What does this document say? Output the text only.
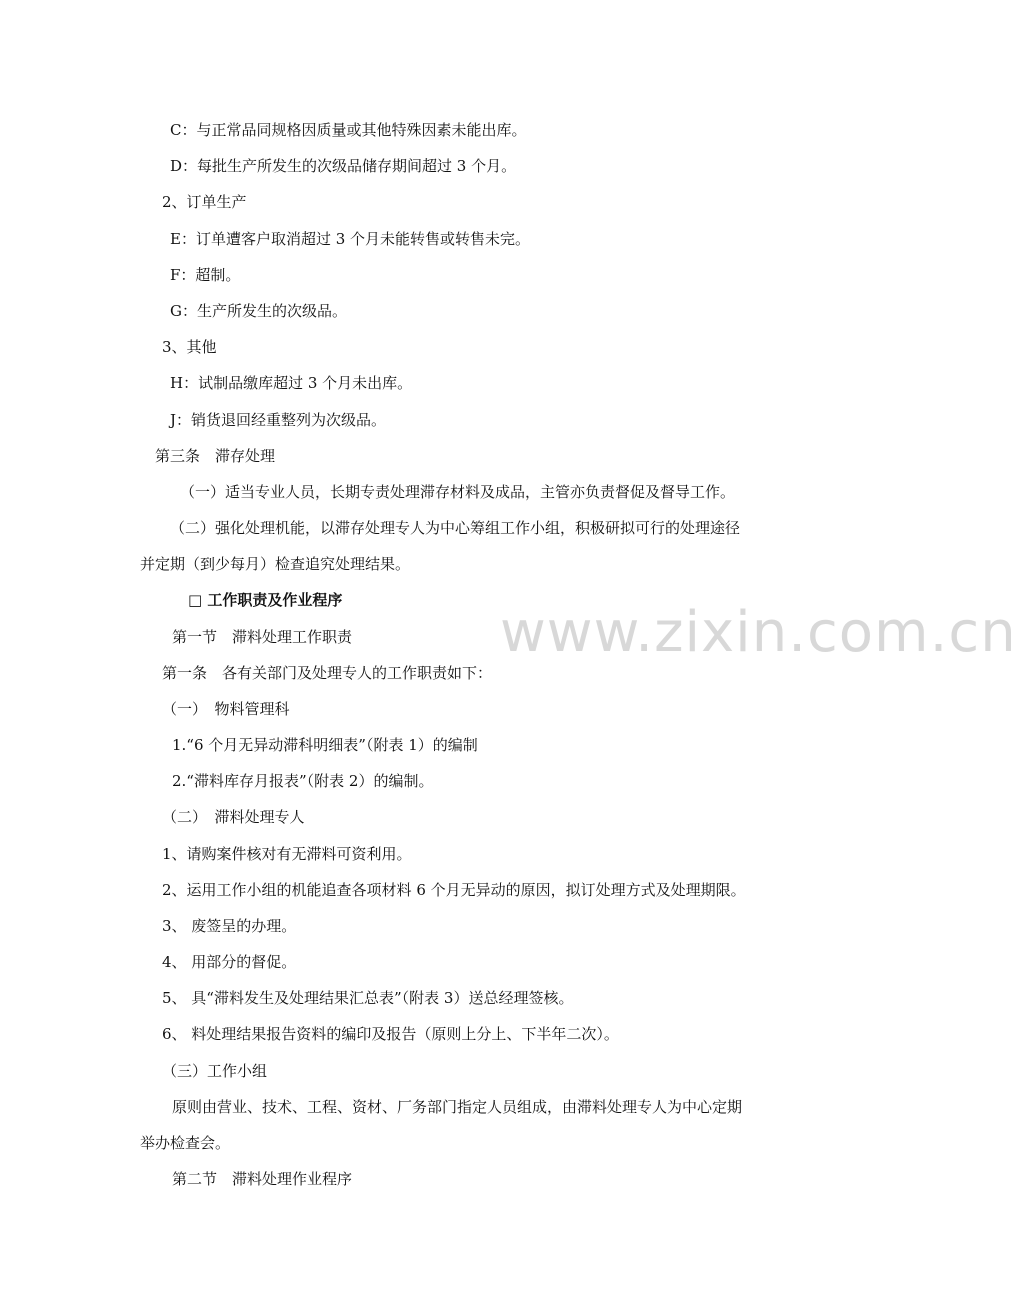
www.zixin.com.cn
C：与正常品同规格因质量或其他特殊因素未能出库。
D：每批生产所发生的次级品储存期间超过 3 个月。
2、订单生产
E：订单遭客户取消超过 3 个月未能转售或转售未完。
F：超制。
G：生产所发生的次级品。
3、其他
H：试制品缴库超过 3 个月未出库。
J：销货退回经重整列为次级品。
第三条　滞存处理
（一）适当专业人员，长期专责处理滞存材料及成品，主管亦负责督促及督导工作。
（二）强化处理机能，以滞存处理专人为中心筹组工作小组，积极研拟可行的处理途径
并定期（到少每月）检查追究处理结果。
□ 工作职责及作业程序
第一节　滞料处理工作职责
第一条　各有关部门及处理专人的工作职责如下：
（一）　物料管理科
1.“6 个月无异动滞科明细表”（附表 1）的编制
2.“滞料库存月报表”（附表 2）的编制。
（二）　滞料处理专人
1、请购案件核对有无滞料可资利用。
2、运用工作小组的机能追查各项材料 6 个月无异动的原因，拟订处理方式及处理期限。
3、 废签呈的办理。
4、 用部分的督促。
5、 具“滞料发生及处理结果汇总表”（附表 3）送总经理签核。
6、 料处理结果报告资料的编印及报告（原则上分上、下半年二次）。
（三）工作小组
原则由营业、技术、工程、资材、厂务部门指定人员组成，由滞料处理专人为中心定期
举办检查会。
第二节　滞料处理作业程序
